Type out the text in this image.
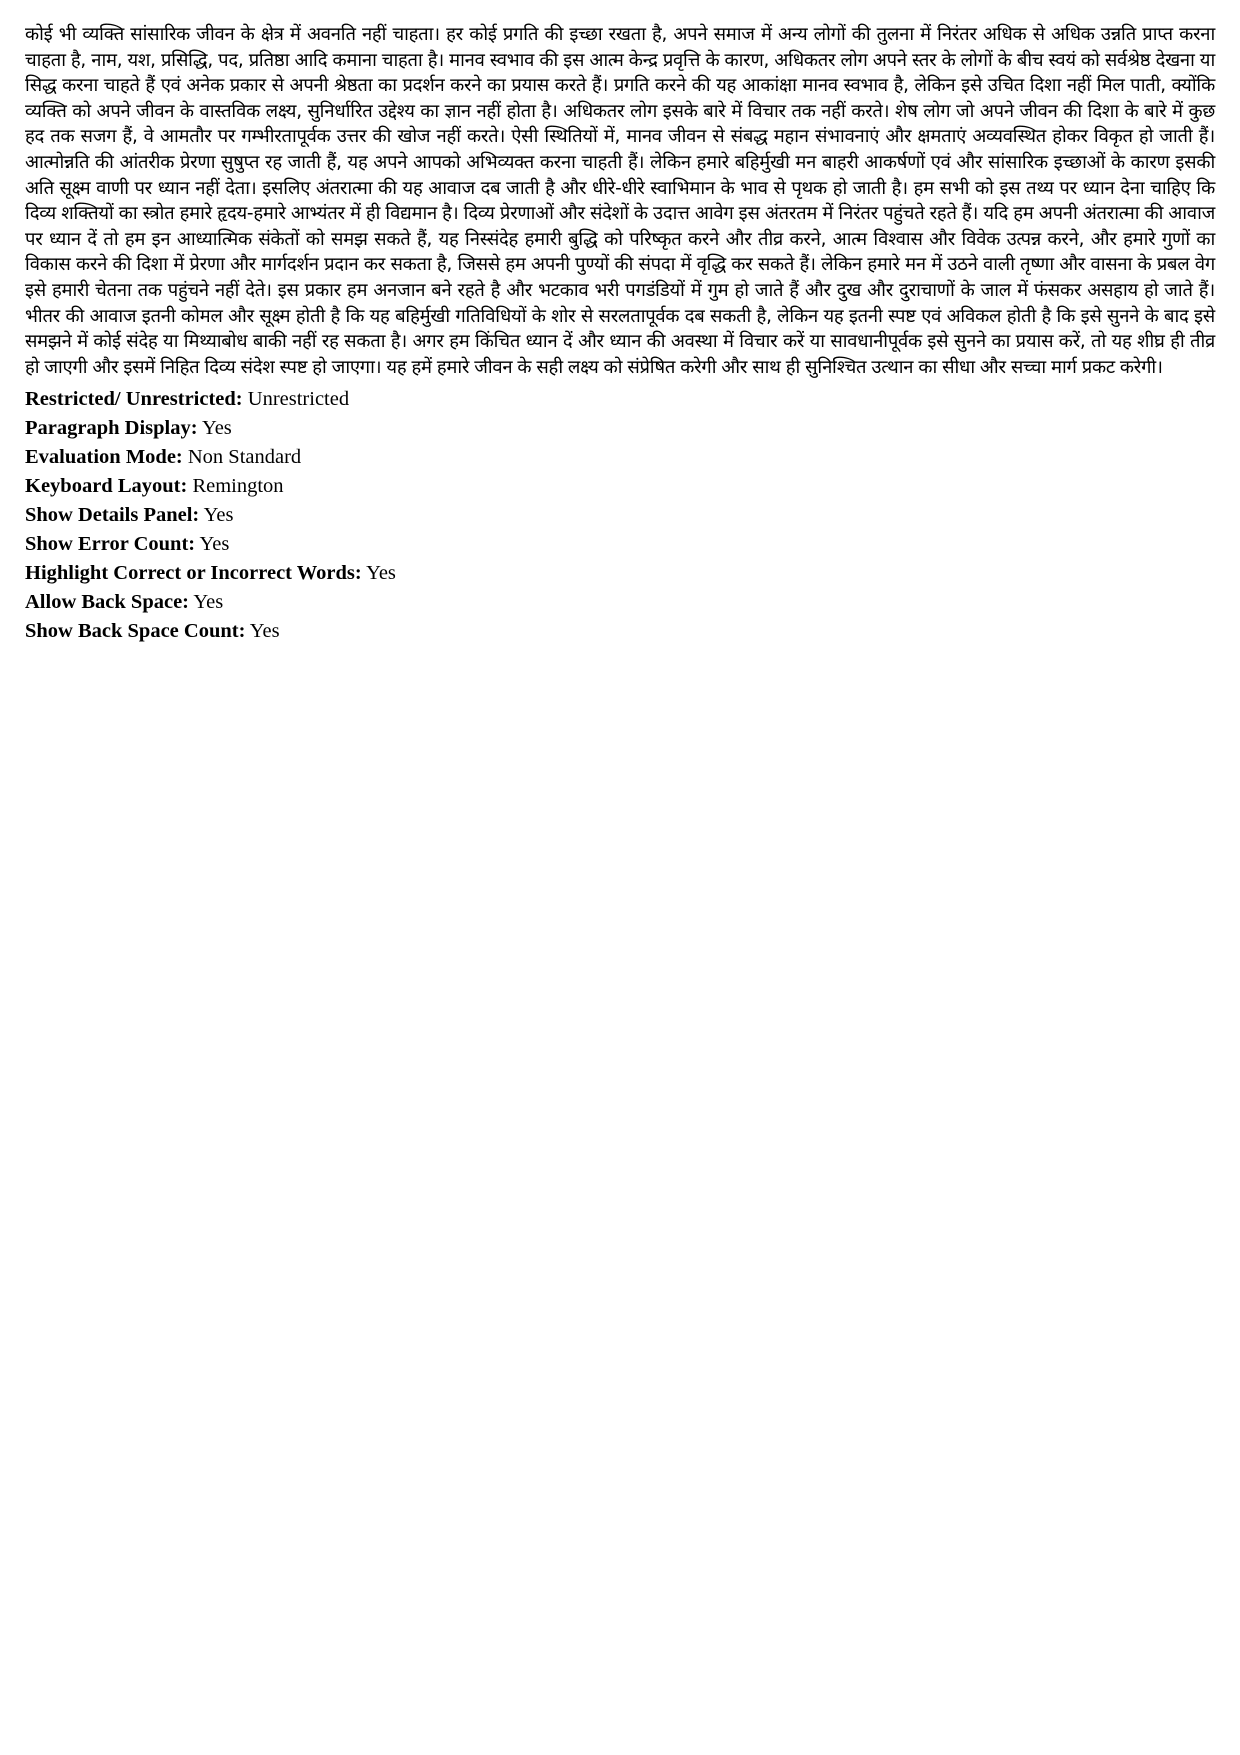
कोई भी व्यक्ति सांसारिक जीवन के क्षेत्र में अवनति नहीं चाहता। हर कोई प्रगति की इच्छा रखता है, अपने समाज में अन्य लोगों की तुलना में निरंतर अधिक से अधिक उन्नति प्राप्त करना चाहता है, नाम, यश, प्रसिद्धि, पद, प्रतिष्ठा आदि कमाना चाहता है। मानव स्वभाव की इस आत्म केन्द्र प्रवृत्ति के कारण, अधिकतर लोग अपने स्तर के लोगों के बीच स्वयं को सर्वश्रेष्ठ देखना या सिद्ध करना चाहते हैं एवं अनेक प्रकार से अपनी श्रेष्ठता का प्रदर्शन करने का प्रयास करते हैं। प्रगति करने की यह आकांक्षा मानव स्वभाव है, लेकिन इसे उचित दिशा नहीं मिल पाती, क्योंकि व्यक्ति को अपने जीवन के वास्तविक लक्ष्य, सुनिर्धारित उद्देश्य का ज्ञान नहीं होता है। अधिकतर लोग इसके बारे में विचार तक नहीं करते। शेष लोग जो अपने जीवन की दिशा के बारे में कुछ हद तक सजग हैं, वे आमतौर पर गम्भीरतापूर्वक उत्तर की खोज नहीं करते। ऐसी स्थितियों में, मानव जीवन से संबद्ध महान संभावनाएं और क्षमताएं अव्यवस्थित होकर विकृत हो जाती हैं। आत्मोन्नति की आंतरीक प्रेरणा सुषुप्त रह जाती हैं, यह अपने आपको अभिव्यक्त करना चाहती हैं। लेकिन हमारे बहिर्मुखी मन बाहरी आकर्षणों एवं और सांसारिक इच्छाओं के कारण इसकी अति सूक्ष्म वाणी पर ध्यान नहीं देता। इसलिए अंतरात्मा की यह आवाज दब जाती है और धीरे-धीरे स्वाभिमान के भाव से पृथक हो जाती है। हम सभी को इस तथ्य पर ध्यान देना चाहिए कि दिव्य शक्तियों का स्त्रोत हमारे हृदय-हमारे आभ्यंतर में ही विद्यमान है। दिव्य प्रेरणाओं और संदेशों के उदात्त आवेग इस अंतरतम में निरंतर पहुंचते रहते हैं। यदि हम अपनी अंतरात्मा की आवाज पर ध्यान दें तो हम इन आध्यात्मिक संकेतों को समझ सकते हैं, यह निस्संदेह हमारी बुद्धि को परिष्कृत करने और तीव्र करने, आत्म विश्वास और विवेक उत्पन्न करने, और हमारे गुणों का विकास करने की दिशा में प्रेरणा और मार्गदर्शन प्रदान कर सकता है, जिससे हम अपनी पुण्यों की संपदा में वृद्धि कर सकते हैं। लेकिन हमारे मन में उठने वाली तृष्णा और वासना के प्रबल वेग इसे हमारी चेतना तक पहुंचने नहीं देते। इस प्रकार हम अनजान बने रहते है और भटकाव भरी पगडंडियों में गुम हो जाते हैं और दुख और दुराचाणों के जाल में फंसकर असहाय हो जाते हैं। भीतर की आवाज इतनी कोमल और सूक्ष्म होती है कि यह बहिर्मुखी गतिविधियों के शोर से सरलतापूर्वक दब सकती है, लेकिन यह इतनी स्पष्ट एवं अविकल होती है कि इसे सुनने के बाद इसे समझने में कोई संदेह या मिथ्याबोध बाकी नहीं रह सकता है। अगर हम किंचित ध्यान दें और ध्यान की अवस्था में विचार करें या सावधानीपूर्वक इसे सुनने का प्रयास करें, तो यह शीघ्र ही तीव्र हो जाएगी और इसमें निहित दिव्य संदेश स्पष्ट हो जाएगा। यह हमें हमारे जीवन के सही लक्ष्य को संप्रेषित करेगी और साथ ही सुनिश्चित उत्थान का सीधा और सच्चा मार्ग प्रकट करेगी।

Restricted/ Unrestricted: Unrestricted
Paragraph Display: Yes
Evaluation Mode: Non Standard
Keyboard Layout: Remington
Show Details Panel: Yes
Show Error Count: Yes
Highlight Correct or Incorrect Words: Yes
Allow Back Space: Yes
Show Back Space Count: Yes
